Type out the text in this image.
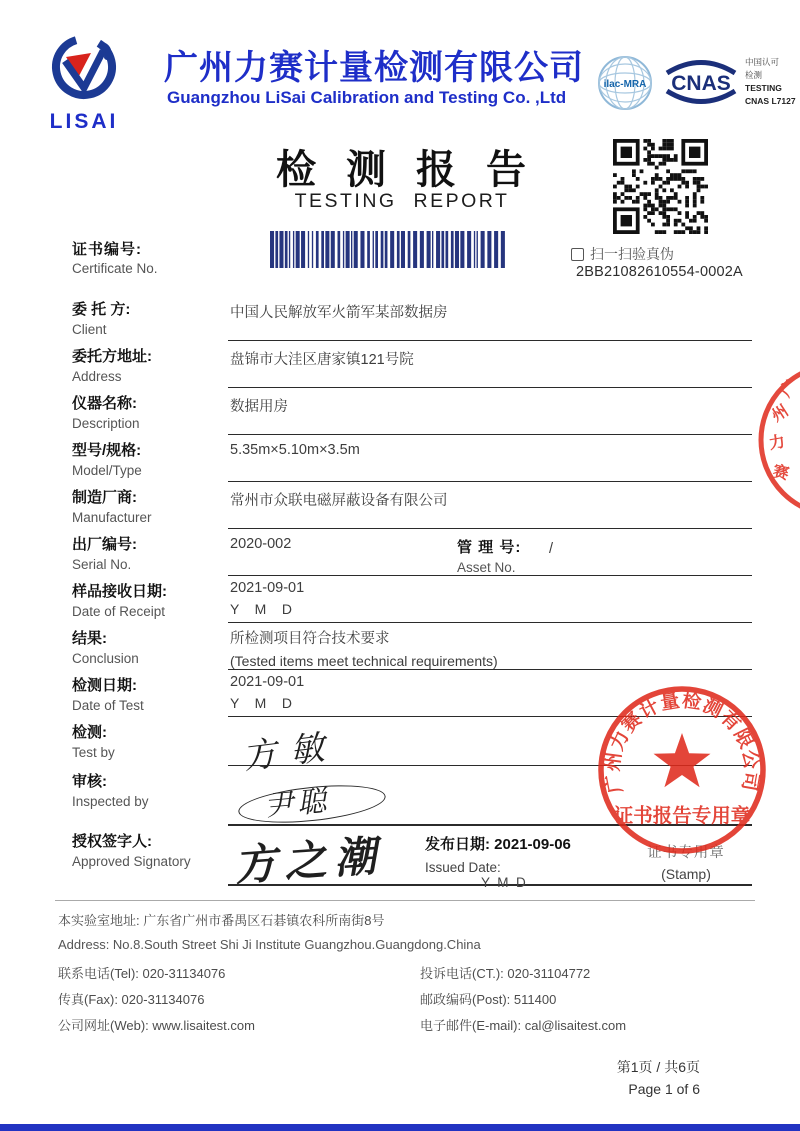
LISAI
广州力赛计量检测有限公司
Guangzhou LiSai Calibration and Testing Co. ,Ltd
ilac-MRA CNAS
中国认可
检测
TESTING
CNAS L7127
检测报告
TESTING REPORT
证书编号:
Certificate No.
扫一扫验真伪
2BB21082610554-0002A
委 托 方:
Client
中国人民解放军火箭军某部数据房
委托方地址:
Address
盘锦市大洼区唐家镇121号院
仪器名称:
Description
数据用房
型号/规格:
Model/Type
5.35m×5.10m×3.5m
制造厂商:
Manufacturer
常州市众联电磁屏蔽设备有限公司
出厂编号:
Serial No.
2020-002	管 理 号:
Asset No.
/
样品接收日期:
Date of Receipt
2021-09-01
Y    M    D
结果:
Conclusion
所检测项目符合技术要求
(Tested items meet technical requirements)
检测日期:
Date of Test
2021-09-01
Y    M    D
检测:
Test by	方敏
审核:
Inspected by	尹聪
授权签字人:
Approved Signatory	方之潮	发布日期: 2021-09-06
Issued Date:
Y  M  D
证书专用章
(Stamp)
本实验室地址: 广东省广州市番禺区石碁镇农科所南街8号
Address: No.8.South Street Shi Ji Institute Guangzhou.Guangdong.China
联系电话(Tel): 020-31134076	投诉电话(CT.): 020-31104772
传真(Fax): 020-31134076	邮政编码(Post): 511400
公司网址(Web): www.lisaitest.com	电子邮件(E-mail): cal@lisaitest.com
第1页 / 共6页
Page 1 of 6
广
州
力
赛
广州力赛计量检测有限公司
证书报告专用章
